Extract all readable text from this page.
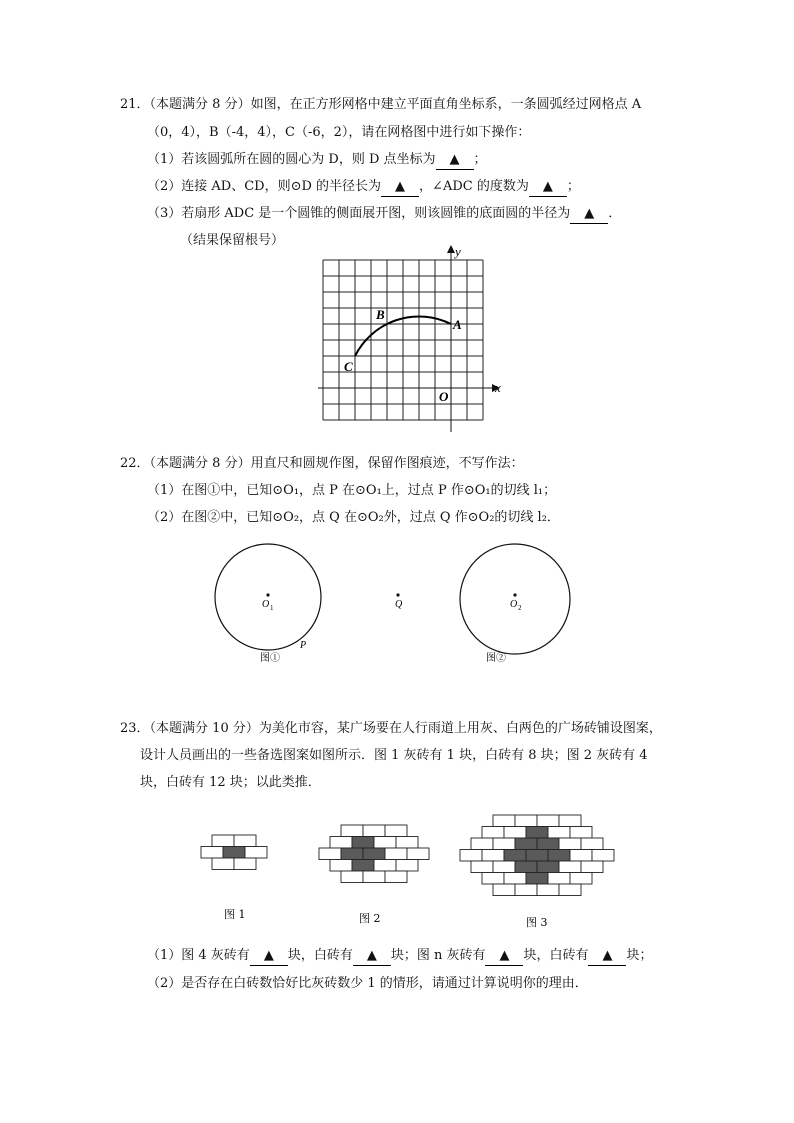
21．（本题满分 8 分）如图，在正方形网格中建立平面直角坐标系，一条圆弧经过网格点 A
（0，4），B（-4，4），C（-6，2），请在网格图中进行如下操作：
（1）若该圆弧所在圆的圆心为 D，则 D 点坐标为 ▲ ；
（2）连接 AD、CD，则⊙D 的半径长为 ▲ ，∠ADC 的度数为 ▲ ；
（3）若扇形 ADC 是一个圆锥的侧面展开图，则该圆锥的底面圆的半径为 ▲ ．
（结果保留根号）
x
y
A
B
C
O
22．（本题满分 8 分）用直尺和圆规作图，保留作图痕迹，不写作法：
（1）在图①中，已知⊙O₁，点 P 在⊙O₁上，过点 P 作⊙O₁的切线 l₁；
（2）在图②中，已知⊙O₂，点 Q 在⊙O₂外，过点 Q 作⊙O₂的切线 l₂．
O 1
P
图①
Q	O 2
图②
23．（本题满分 10 分）为美化市容，某广场要在人行雨道上用灰、白两色的广场砖铺设图案，
设计人员画出的一些备选图案如图所示．图 1 灰砖有 1 块，白砖有 8 块；图 2 灰砖有 4
块，白砖有 12 块；以此类推．
图 1	图 2	图 3
（1）图 4 灰砖有 ▲ 块，白砖有 ▲ 块；图 n 灰砖有 ▲ 块，白砖有 ▲ 块；
（2）是否存在白砖数恰好比灰砖数少 1 的情形，请通过计算说明你的理由．
